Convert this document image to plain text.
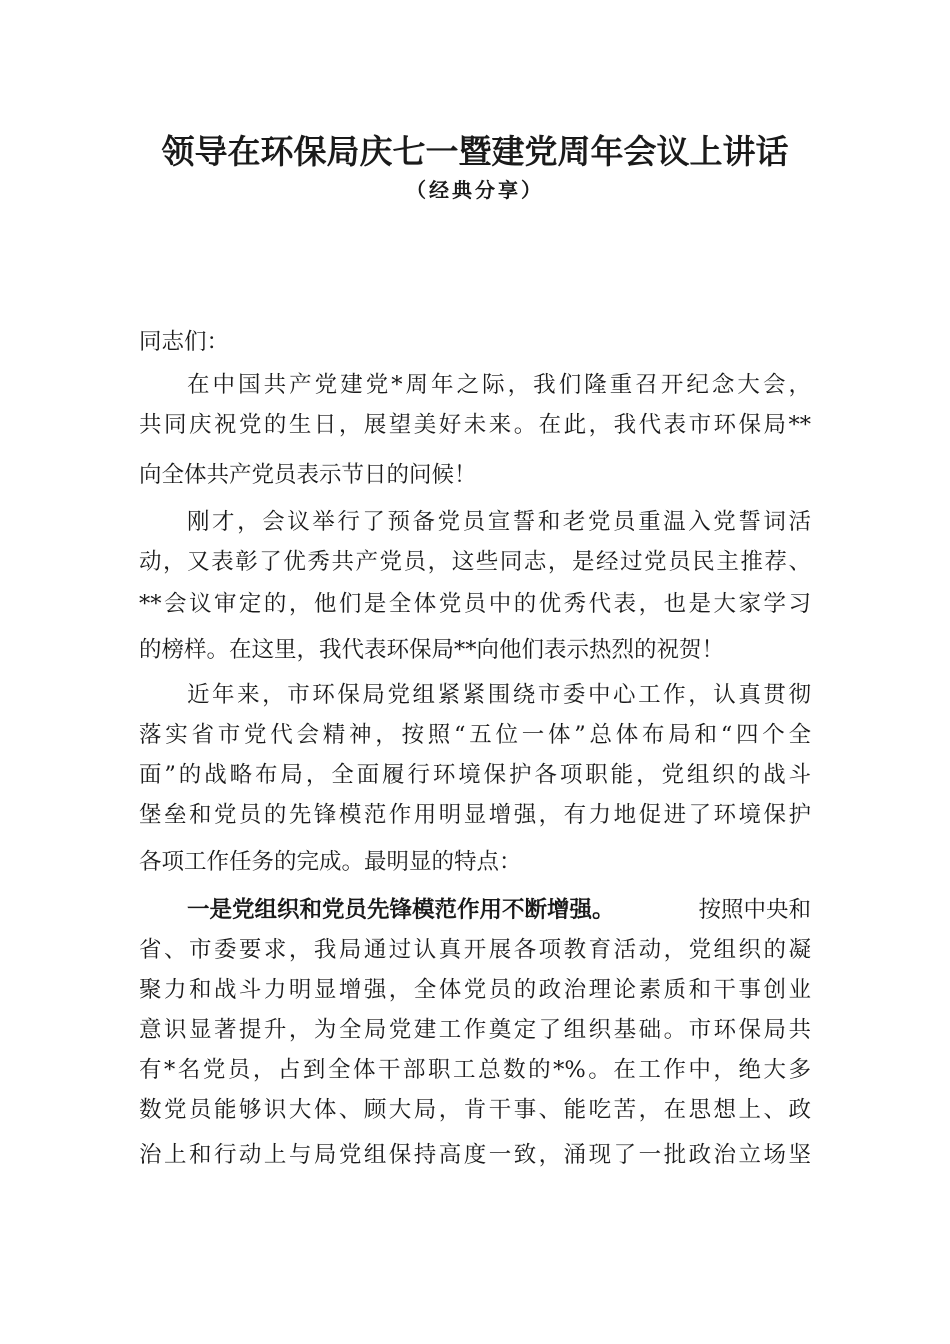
领导在环保局庆七一暨建党周年会议上讲话
（经典分享）
同志们：
在中国共产党建党*周年之际，我们隆重召开纪念大会，
共同庆祝党的生日，展望美好未来。在此，我代表市环保局**
向全体共产党员表示节日的问候！
刚才，会议举行了预备党员宣誓和老党员重温入党誓词活
动，又表彰了优秀共产党员，这些同志，是经过党员民主推荐、
**会议审定的，他们是全体党员中的优秀代表，也是大家学习
的榜样。在这里，我代表环保局**向他们表示热烈的祝贺！
近年来，市环保局党组紧紧围绕市委中心工作，认真贯彻
落实省市党代会精神，按照“五位一体”总体布局和“四个全
面”的战略布局，全面履行环境保护各项职能，党组织的战斗
堡垒和党员的先锋模范作用明显增强，有力地促进了环境保护
各项工作任务的完成。最明显的特点：
一是党组织和党员先锋模范作用不断增强。	按照中央和
省、市委要求，我局通过认真开展各项教育活动，党组织的凝
聚力和战斗力明显增强，全体党员的政治理论素质和干事创业
意识显著提升，为全局党建工作奠定了组织基础。市环保局共
有*名党员，占到全体干部职工总数的*%。在工作中，绝大多
数党员能够识大体、顾大局，肯干事、能吃苦，在思想上、政
治上和行动上与局党组保持高度一致，涌现了一批政治立场坚
